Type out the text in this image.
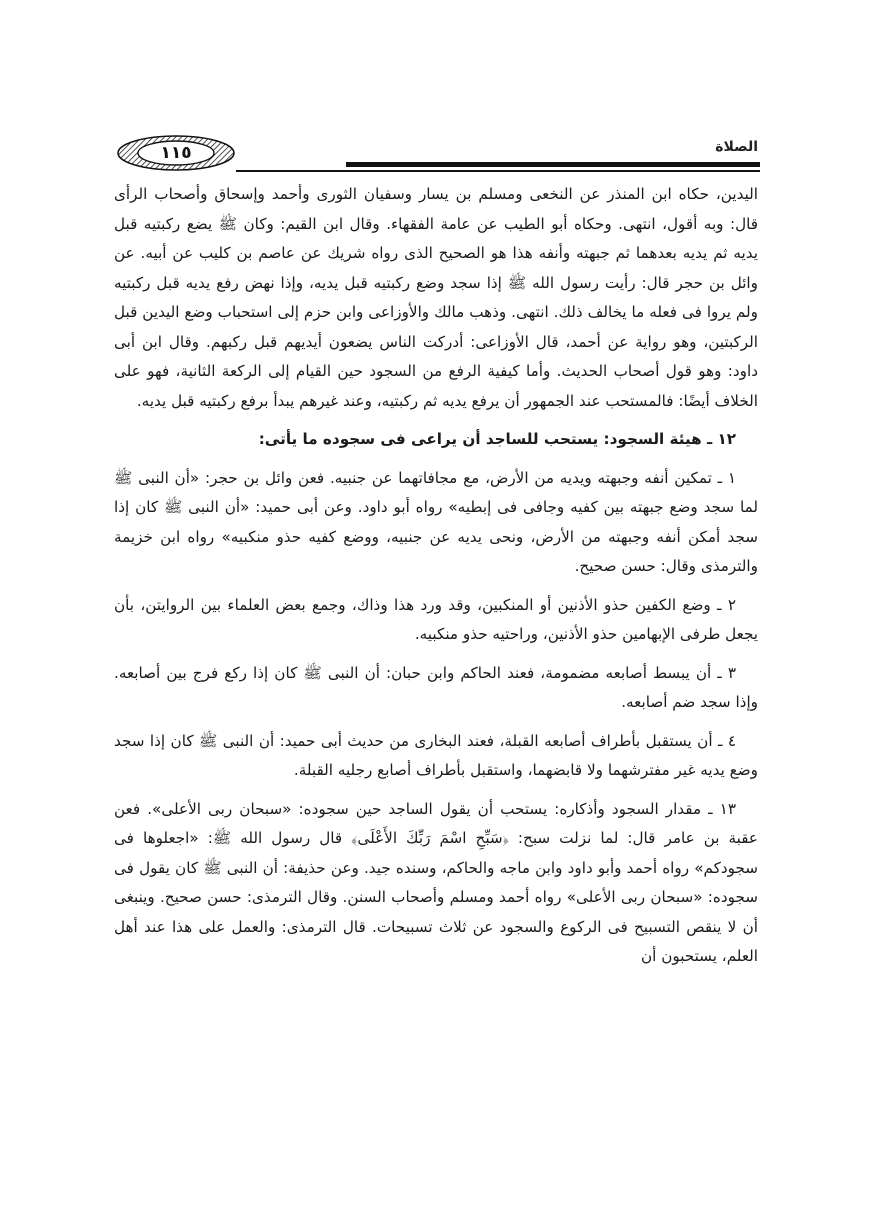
١١٥	الصلاة

اليدين، حكاه ابن المنذر عن النخعى ومسلم بن يسار وسفيان الثورى وأحمد وإسحاق وأصحاب الرأى قال: وبه أقول، انتهى. وحكاه أبو الطيب عن عامة الفقهاء. وقال ابن القيم: وكان ﷺ يضع ركبتيه قبل يديه ثم يديه بعدهما ثم جبهته وأنفه هذا هو الصحيح الذى رواه شريك عن عاصم بن كليب عن أبيه. عن وائل بن حجر قال: رأيت رسول الله ﷺ إذا سجد وضع ركبتيه قبل يديه، وإذا نهض رفع يديه قبل ركبتيه ولم يروا فى فعله ما يخالف ذلك. انتهى. وذهب مالك والأوزاعى وابن حزم إلى استحباب وضع اليدين قبل الركبتين، وهو رواية عن أحمد، قال الأوزاعى: أدركت الناس يضعون أيديهم قبل ركبهم. وقال ابن أبى داود: وهو قول أصحاب الحديث. وأما كيفية الرفع من السجود حين القيام إلى الركعة الثانية، فهو على الخلاف أيضًا: فالمستحب عند الجمهور أن يرفع يديه ثم ركبتيه، وعند غيرهم يبدأ برفع ركبتيه قبل يديه.

١٢ ـ هيئة السجود: يستحب للساجد أن يراعى فى سجوده ما يأتى:

١ ـ تمكين أنفه وجبهته ويديه من الأرض، مع مجافاتهما عن جنبيه. فعن وائل بن حجر: «أن النبى ﷺ لما سجد وضع جبهته بين كفيه وجافى فى إبطيه» رواه أبو داود. وعن أبى حميد: «أن النبى ﷺ كان إذا سجد أمكن أنفه وجبهته من الأرض، ونحى يديه عن جنبيه، ووضع كفيه حذو منكبيه» رواه ابن خزيمة والترمذى وقال: حسن صحيح.

٢ ـ وضع الكفين حذو الأذنين أو المنكبين، وقد ورد هذا وذاك، وجمع بعض العلماء بين الروايتن، بأن يجعل طرفى الإبهامين حذو الأذنين، وراحتيه حذو منكبيه.

٣ ـ أن يبسط أصابعه مضمومة، فعند الحاكم وابن حبان: أن النبى ﷺ كان إذا ركع فرج بين أصابعه. وإذا سجد ضم أصابعه.

٤ ـ أن يستقبل بأطراف أصابعه القبلة، فعند البخارى من حديث أبى حميد: أن النبى ﷺ كان إذا سجد وضع يديه غير مفترشهما ولا قابضهما، واستقبل بأطراف أصابع رجليه القبلة.

١٣ ـ مقدار السجود وأذكاره: يستحب أن يقول الساجد حين سجوده: «سبحان ربى الأعلى». فعن عقبة بن عامر قال: لما نزلت سبح: ﴿سَبِّحِ اسْمَ رَبِّكَ الأَعْلَى﴾ قال رسول الله ﷺ: «اجعلوها فى سجودكم» رواه أحمد وأبو داود وابن ماجه والحاكم، وسنده جيد. وعن حذيفة: أن النبى ﷺ كان يقول فى سجوده: «سبحان ربى الأعلى» رواه أحمد ومسلم وأصحاب السنن. وقال الترمذى: حسن صحيح. وينبغى أن لا ينقص التسبيح فى الركوع والسجود عن ثلاث تسبيحات. قال الترمذى: والعمل على هذا عند أهل العلم، يستحبون أن
